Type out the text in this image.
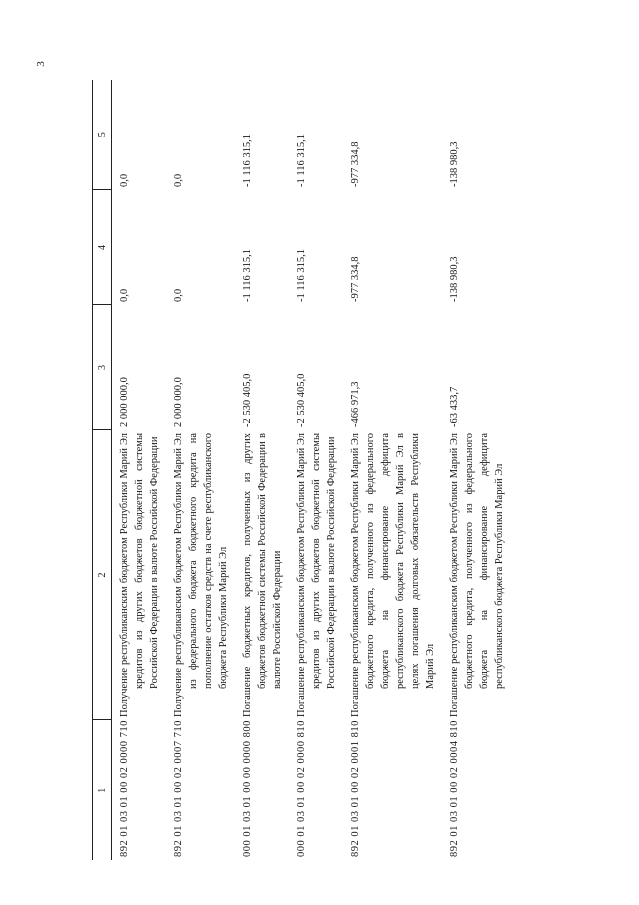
3
1	2	3	4	5
892 01 03 01 00 02 0000 710	Получение республиканским бюджетом Республики Марий Эл кредитов из других бюджетов бюджетной системы Российской Федерации в валюте Российской Федерации	2 000 000,0	0,0	0,0
892 01 03 01 00 02 0007 710	Получение республиканским бюджетом Республики Марий Эл из федерального бюджета бюджетного кредита на пополнение остатков средств на счете республиканского бюджета Республики Марий Эл	2 000 000,0	0,0	0,0
000 01 03 01 00 00 0000 800	Погашение бюджетных кредитов, полученных из других бюджетов бюджетной системы Российской Федерации в валюте Российской Федерации	-2 530 405,0	-1 116 315,1	-1 116 315,1
000 01 03 01 00 02 0000 810	Погашение республиканским бюджетом Республики Марий Эл кредитов из других бюджетов бюджетной системы Российской Федерации в валюте Российской Федерации	-2 530 405,0	-1 116 315,1	-1 116 315,1
892 01 03 01 00 02 0001 810	Погашение республиканским бюджетом Республики Марий Эл бюджетного кредита, полученного из федерального бюджета на финансирование дефицита республиканского бюджета Республики Марий Эл в целях погашения долговых обязательств Республики Марий Эл	-466 971,3	-977 334,8	-977 334,8
892 01 03 01 00 02 0004 810	Погашение республиканским бюджетом Республики Марий Эл бюджетного кредита, полученного из федерального бюджета на финансирование дефицита республиканского бюджета Республики Марий Эл	-63 433,7	-138 980,3	-138 980,3
